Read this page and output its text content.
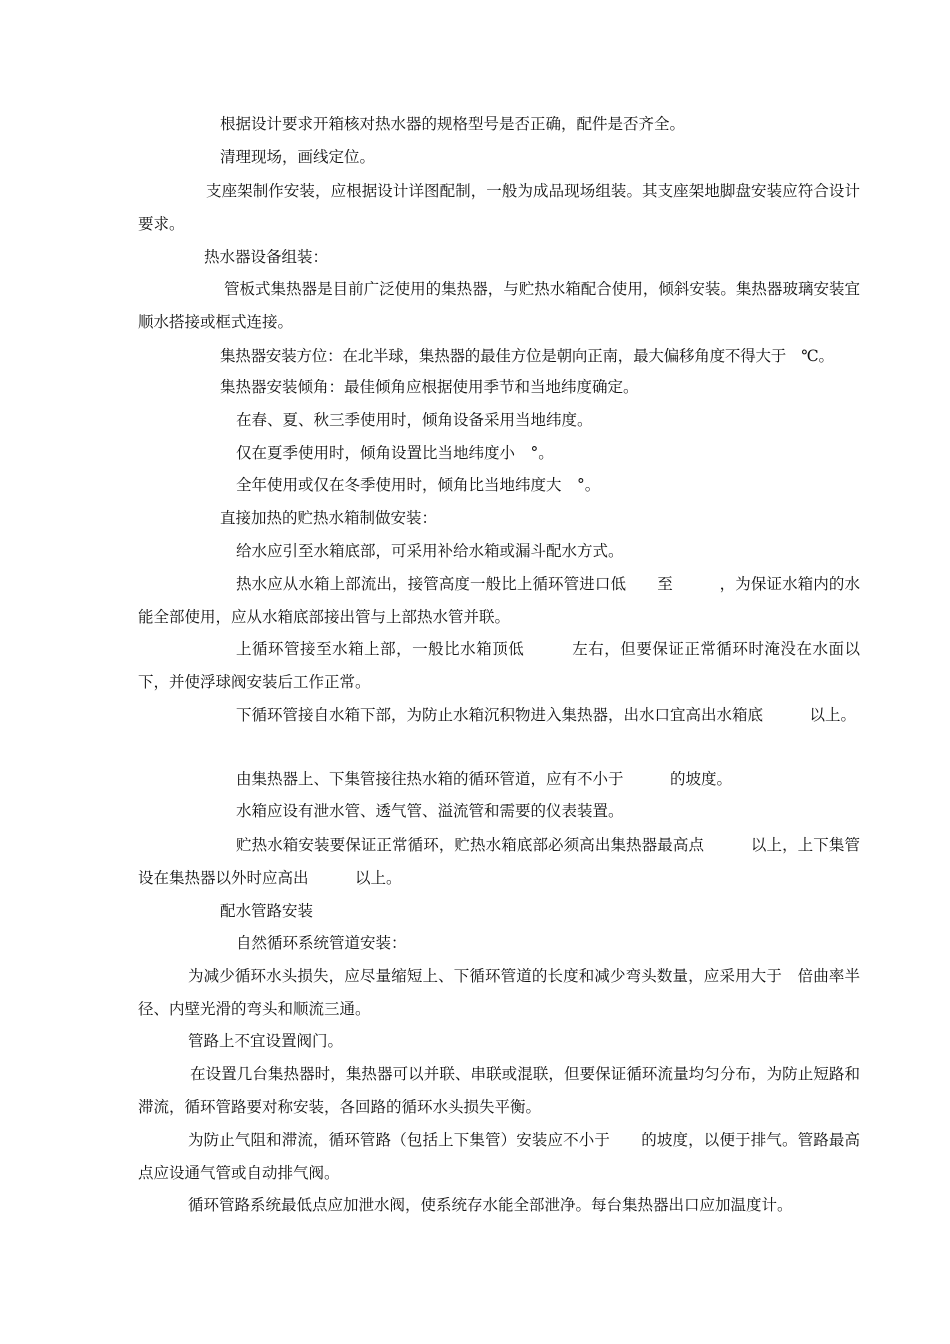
根据设计要求开箱核对热水器的规格型号是否正确，配件是否齐全。
清理现场，画线定位。
支座架制作安装，应根据设计详图配制，一般为成品现场组装。其支座架地脚盘安装应符合设计要求。
热水器设备组装：
管板式集热器是目前广泛使用的集热器，与贮热水箱配合使用，倾斜安装。集热器玻璃安装宜顺水搭接或框式连接。
集热器安装方位：在北半球，集热器的最佳方位是朝向正南，最大偏移角度不得大于　℃。
集热器安装倾角：最佳倾角应根据使用季节和当地纬度确定。
在春、夏、秋三季使用时，倾角设备采用当地纬度。
仅在夏季使用时，倾角设置比当地纬度小　°。
全年使用或仅在冬季使用时，倾角比当地纬度大　°。
直接加热的贮热水箱制做安装：
给水应引至水箱底部，可采用补给水箱或漏斗配水方式。
热水应从水箱上部流出，接管高度一般比上循环管进口低　　至　　　，为保证水箱内的水能全部使用，应从水箱底部接出管与上部热水管并联。
上循环管接至水箱上部，一般比水箱顶低　　　左右，但要保证正常循环时淹没在水面以下，并使浮球阀安装后工作正常。
下循环管接自水箱下部，为防止水箱沉积物进入集热器，出水口宜高出水箱底　　　以上。
由集热器上、下集管接往热水箱的循环管道，应有不小于　　　的坡度。
水箱应设有泄水管、透气管、溢流管和需要的仪表装置。
贮热水箱安装要保证正常循环，贮热水箱底部必须高出集热器最高点　　　以上，上下集管设在集热器以外时应高出　　　以上。
配水管路安装
自然循环系统管道安装：
为减少循环水头损失，应尽量缩短上、下循环管道的长度和减少弯头数量，应采用大于　倍曲率半径、内壁光滑的弯头和顺流三通。
管路上不宜设置阀门。
在设置几台集热器时，集热器可以并联、串联或混联，但要保证循环流量均匀分布，为防止短路和滞流，循环管路要对称安装，各回路的循环水头损失平衡。
为防止气阻和滞流，循环管路（包括上下集管）安装应不小于　　的坡度，以便于排气。管路最高点应设通气管或自动排气阀。
循环管路系统最低点应加泄水阀，使系统存水能全部泄净。每台集热器出口应加温度计。
